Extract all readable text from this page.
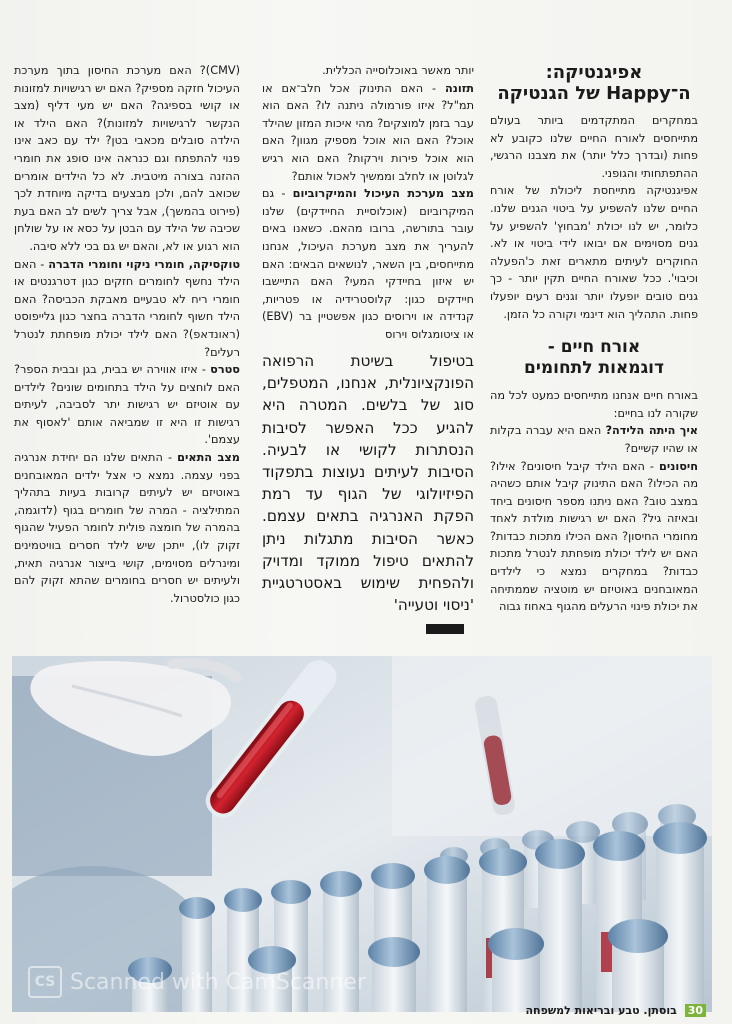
אפיגנטיקה:
ה־Happy של הגנטיקה

במחקרים המתקדמים ביותר בעולם מתייחסים לאורח החיים שלנו כקובע לא פחות (ובדרך כלל יותר) את מצבנו הרגשי, ההתפתחותי והגופני.

אפיגנטיקה מתייחסת ליכולת של אורח החיים שלנו להשפיע על ביטוי הגנים שלנו. כלומר, יש לנו יכולת 'מבחוץ' להשפיע על גנים מסוימים אם יבואו לידי ביטוי או לא. החוקרים לעיתים מתארים זאת כ'הפעלה וכיבוי'. ככל שאורח החיים תקין יותר - כך גנים טובים יופעלו יותר וגנים רעים יופעלו פחות. התהליך הוא דינמי וקורה כל הזמן.

אורח חיים -
דוגמאות לתחומים

באורח חיים אנחנו מתייחסים כמעט לכל מה שקורה לנו בחיים:

איך היתה הלידה? האם היא עברה בקלות או שהיו קשיים?

חיסונים - האם הילד קיבל חיסונים? אילו? מה הכילו? האם התינוק קיבל אותם כשהיה במצב טוב? האם ניתנו מספר חיסונים ביחד ובאיזה גיל? האם יש רגישות מולדת לאחד מחומרי החיסון? האם הכילו מתכות כבדות? האם יש לילד יכולת מופחתת לנטרל מתכות כבדות? במחקרים נמצא כי לילדים המאובחנים באוטיזם יש מוטציה שממתיחה את יכולת פינוי הרעלים מהגוף באחוז גבוה

יותר מאשר באוכלוסייה הכללית.

תזונה - האם התינוק אכל חלב־אם או תמ"ל? איזו פורמולה ניתנה לו? האם הוא עבר בזמן למוצקים? מהי איכות המזון שהילד אוכל? האם הוא אוכל מספיק מגוון? האם הוא אוכל פירות וירקות? האם הוא רגיש לגלוטן או לחלב וממשיך לאכול אותם?

מצב מערכת העיכול והמיקרוביום - גם המיקרוביום (אוכלוסיית החיידקים) שלנו עובר בתורשה, ברובו מהאם. כשאנו באים להעריך את מצב מערכת העיכול, אנחנו מתייחסים, בין השאר, לנושאים הבאים: האם יש איזון בחיידקי המעי? האם התיישבו חיידקים כגון: קלוסטרידיה או פטריות, קנדידה או וירוסים כגון אפשטיין בר (EBV) או ציטומגלוס וירוס

בטיפול בשיטת הרפואה הפונקציונלית, אנחנו, המטפלים, סוג של בלשים. המטרה היא להגיע ככל האפשר לסיבות הנסתרות לקושי או לבעיה. הסיבות לעיתים נעוצות בתפקוד הפיזיולוגי של הגוף עד רמת הפקת האנרגיה בתאים עצמם. כאשר הסיבות מתגלות ניתן להתאים טיפול ממוקד ומדויק ולהפחית שימוש באסטרטגיית 'ניסוי וטעייה'

(CMV)? האם מערכת החיסון בתוך מערכת העיכול חזקה מספיק? האם יש רגישויות למזונות או קושי בספיגה? האם יש מעי דליף (מצב הנקשר לרגישויות למזונות)? האם הילד או הילדה סובלים מכאבי בטן? ילד עם כאב אינו פנוי להתפתח וגם כנראה אינו סופג את חומרי ההזנה בצורה מיטבית. לא כל הילדים אומרים שכואב להם, ולכן מבצעים בדיקה מיוחדת לכך (פירוט בהמשך), אבל צריך לשים לב האם בעת שכיבה של הילד עם הבטן על כסא או על שולחן הוא רגוע או לא, והאם יש גם בכי ללא סיבה.

טוקסיקה, חומרי ניקוי וחומרי הדברה - האם הילד נחשף לחומרים חזקים כגון דטרגנטים או חומרי ריח לא טבעיים מאבקת הכביסה? האם הילד חשוף לחומרי הדברה בחצר כגון גלייפוסט (ראונדאפ)? האם לילד יכולת מופחתת לנטרל רעלים?

סטרס - איזו אווירה יש בבית, בגן ובבית הספר? האם לוחצים על הילד בתחומים שונים? לילדים עם אוטיזם יש רגישות יתר לסביבה, לעיתים רגישות זו היא זו שמביאה אותם 'לאסוף את עצמם'.

מצב התאים - התאים שלנו הם יחידת אנרגיה בפני עצמה. נמצא כי אצל ילדים המאובחנים באוטיזם יש לעיתים קרובות בעיות בתהליך המתילציה - המרה של חומרים בגוף (לדוגמה, בהמרה של חומצה פולית לחומר הפעיל שהגוף זקוק לו), ייתכן שיש לילד חסרים בוויטמינים ומינרלים מסוימים, קושי בייצור אנרגיה תאית, ולעיתים יש חסרים בחומרים שהתא זקוק להם כגון כולסטרול.

CS Scanned with CamScanner
30 בוסתן. טבע ובריאות למשפחה
